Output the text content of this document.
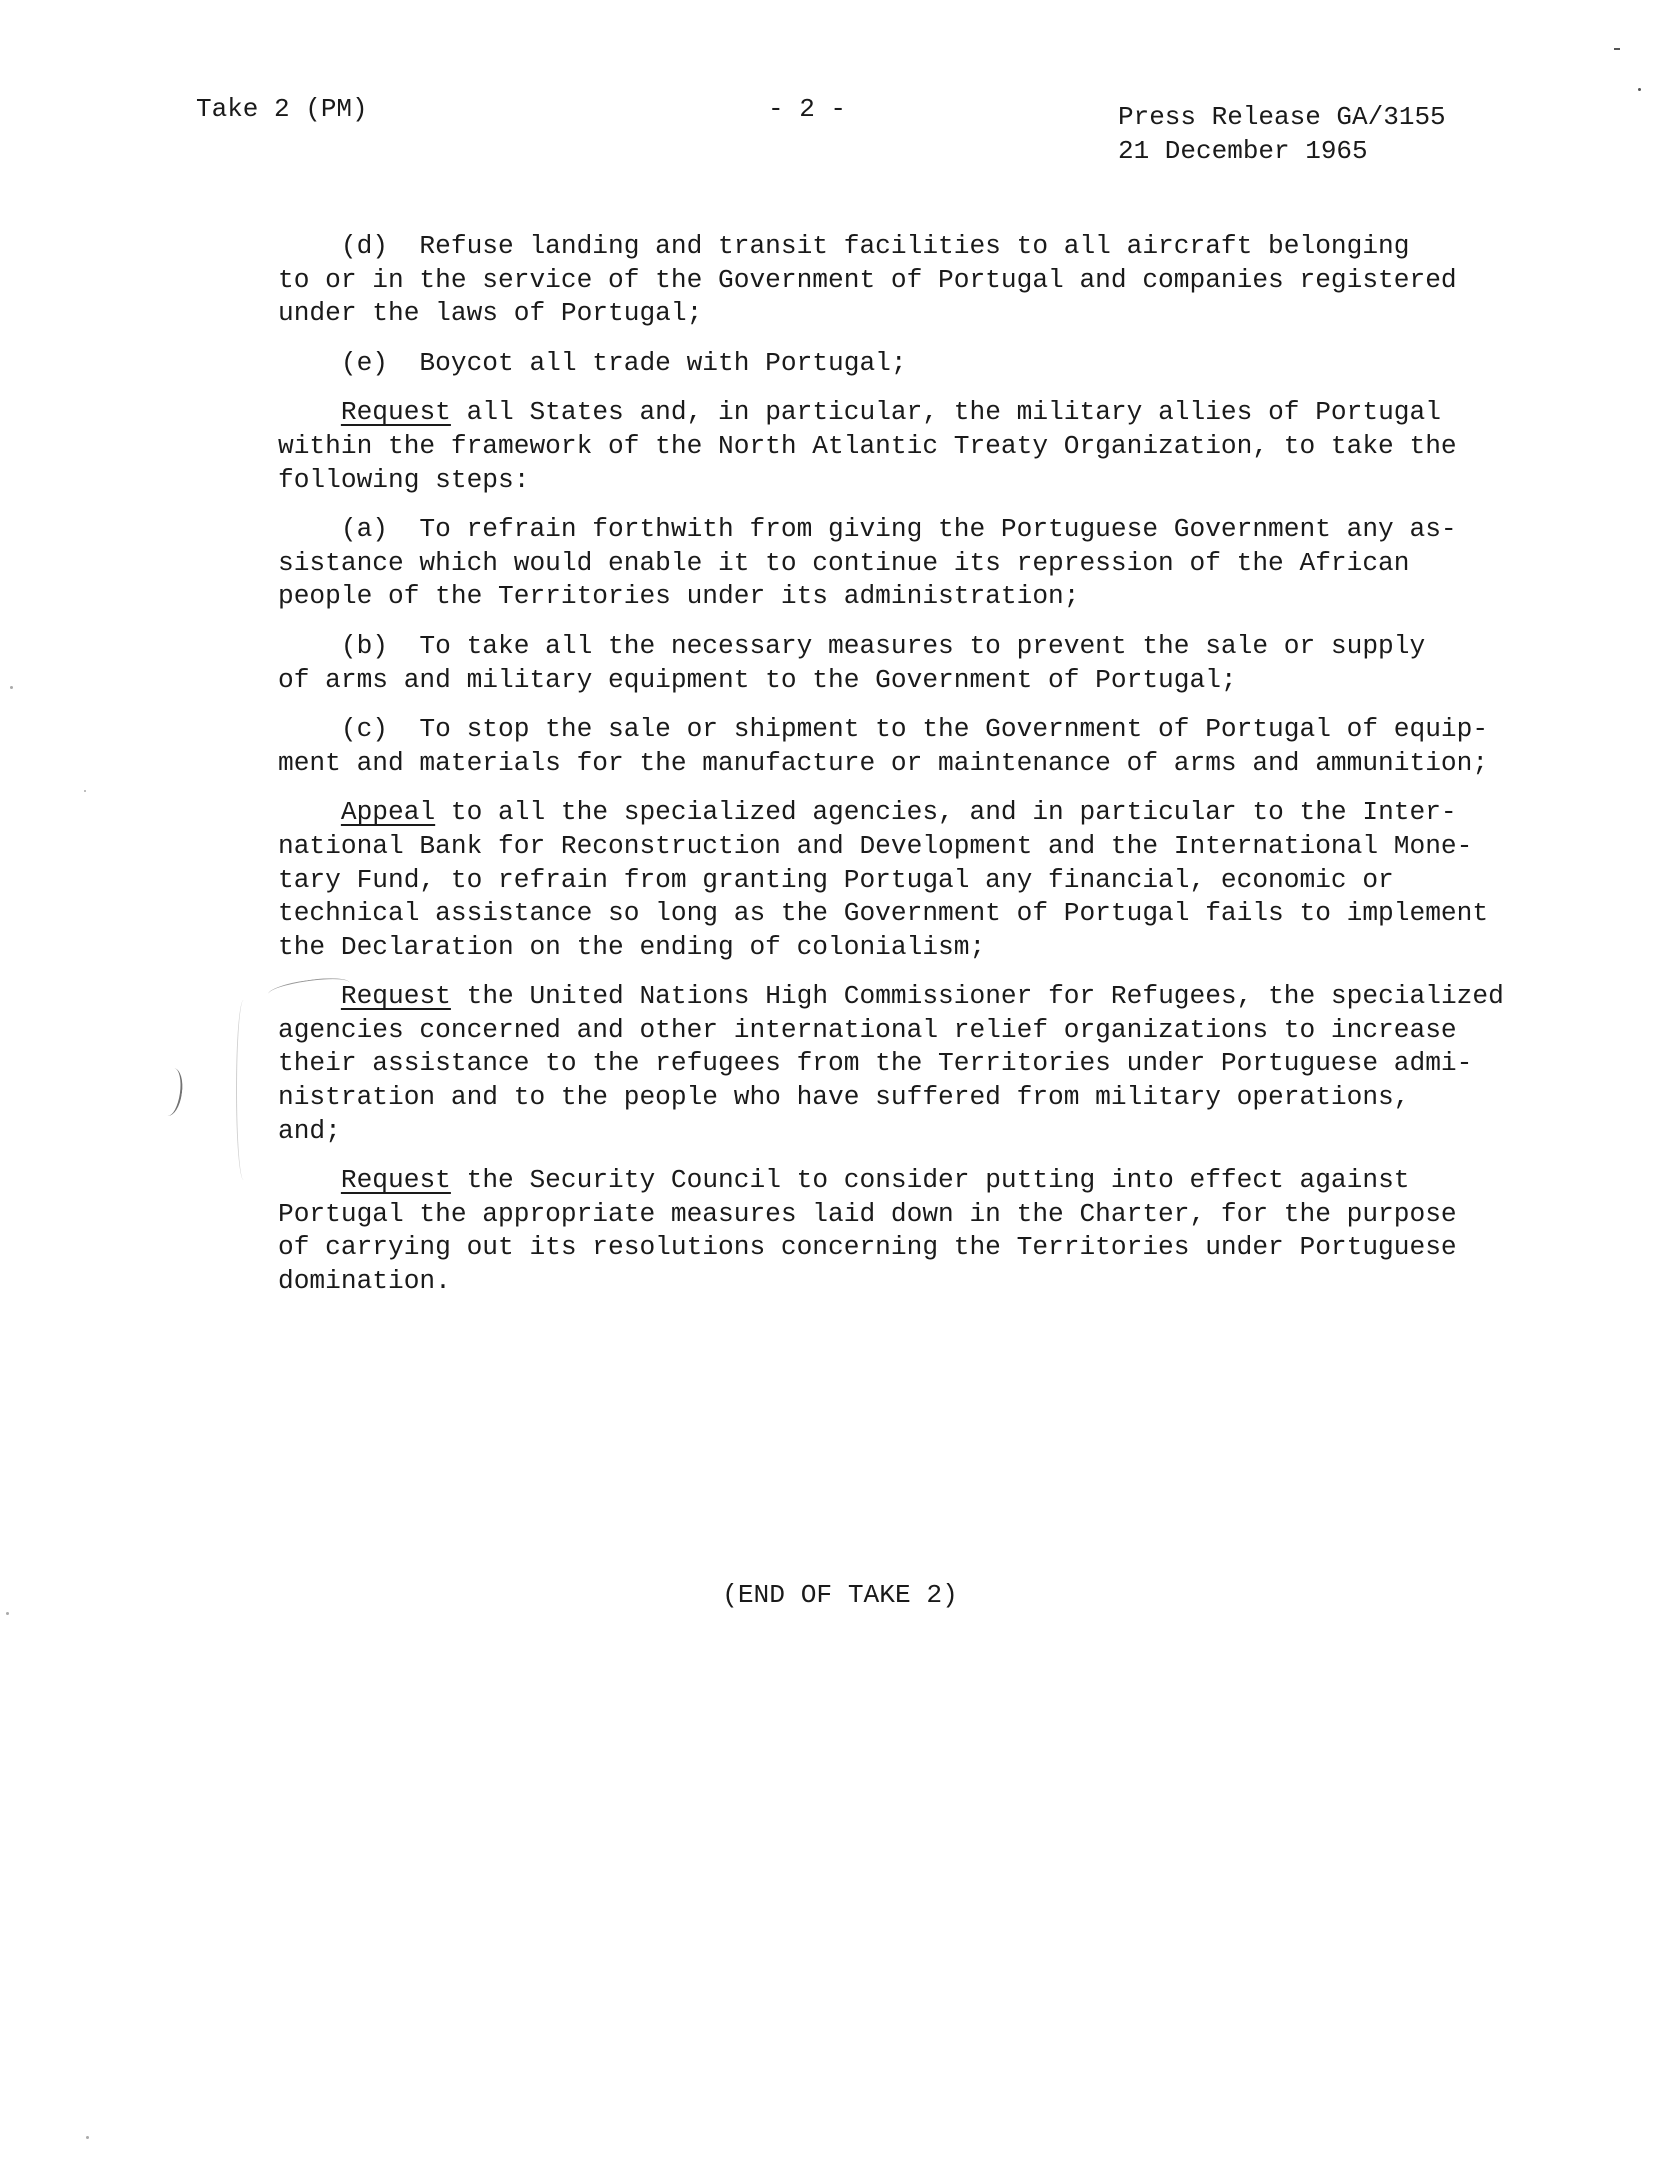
Take 2 (PM)	- 2 -	Press Release GA/3155
21 December 1965
(d)  Refuse landing and transit facilities to all aircraft belonging
to or in the service of the Government of Portugal and companies registered
under the laws of Portugal;
(e)  Boycot all trade with Portugal;
Request all States and, in particular, the military allies of Portugal
within the framework of the North Atlantic Treaty Organization, to take the
following steps:
(a)  To refrain forthwith from giving the Portuguese Government any as-
sistance which would enable it to continue its repression of the African
people of the Territories under its administration;
(b)  To take all the necessary measures to prevent the sale or supply
of arms and military equipment to the Government of Portugal;
(c)  To stop the sale or shipment to the Government of Portugal of equip-
ment and materials for the manufacture or maintenance of arms and ammunition;
Appeal to all the specialized agencies, and in particular to the Inter-
national Bank for Reconstruction and Development and the International Mone-
tary Fund, to refrain from granting Portugal any financial, economic or
technical assistance so long as the Government of Portugal fails to implement
the Declaration on the ending of colonialism;
Request the United Nations High Commissioner for Refugees, the specialized
agencies concerned and other international relief organizations to increase
their assistance to the refugees from the Territories under Portuguese admi-
nistration and to the people who have suffered from military operations,
and;
Request the Security Council to consider putting into effect against
Portugal the appropriate measures laid down in the Charter, for the purpose
of carrying out its resolutions concerning the Territories under Portuguese
domination.
(END OF TAKE 2)
